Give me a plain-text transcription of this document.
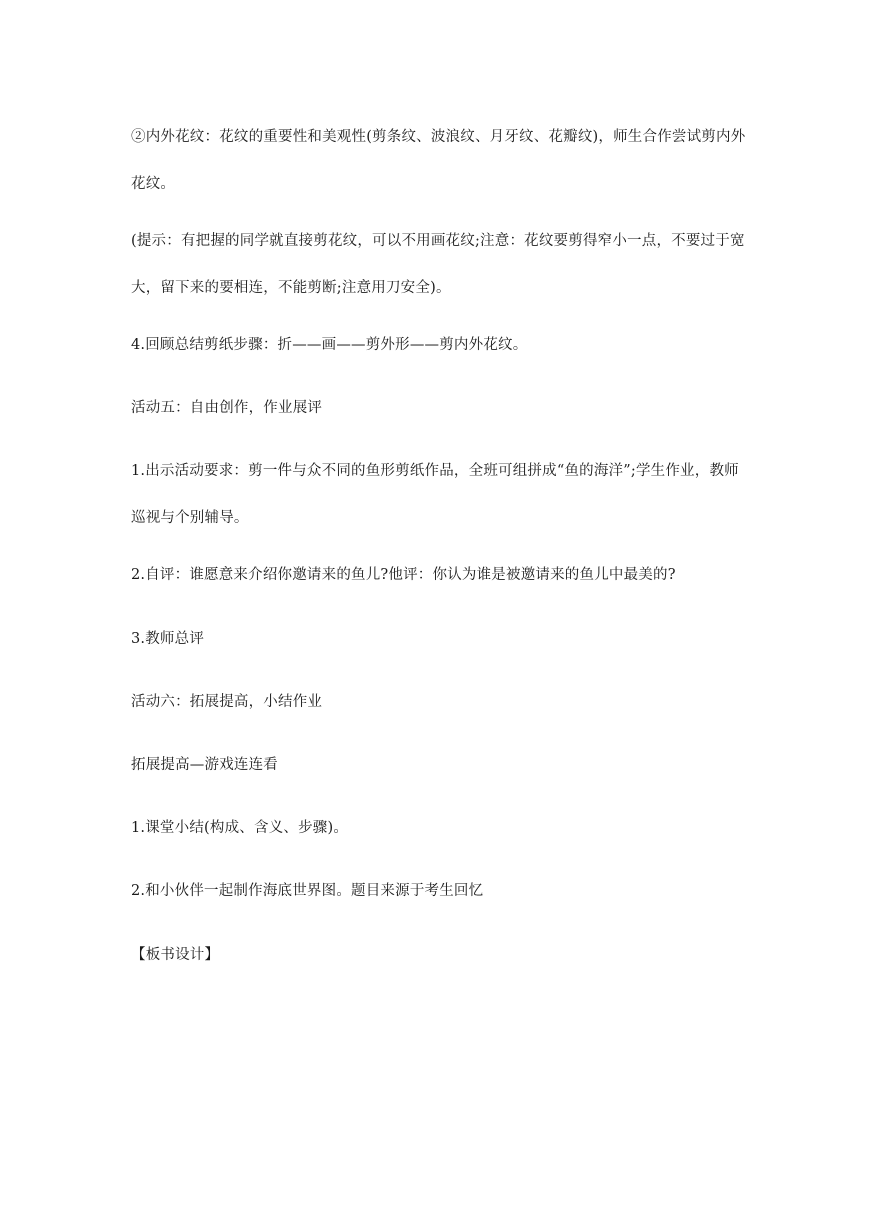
②内外花纹：花纹的重要性和美观性(剪条纹、波浪纹、月牙纹、花瓣纹)，师生合作尝试剪内外花纹。

(提示：有把握的同学就直接剪花纹，可以不用画花纹;注意：花纹要剪得窄小一点，不要过于宽大，留下来的要相连，不能剪断;注意用刀安全)。

4.回顾总结剪纸步骤：折——画——剪外形——剪内外花纹。

活动五：自由创作，作业展评

1.出示活动要求：剪一件与众不同的鱼形剪纸作品，全班可组拼成“鱼的海洋”;学生作业，教师巡视与个别辅导。

2.自评：谁愿意来介绍你邀请来的鱼儿?他评：你认为谁是被邀请来的鱼儿中最美的?

3.教师总评

活动六：拓展提高，小结作业

拓展提高—游戏连连看

1.课堂小结(构成、含义、步骤)。

2.和小伙伴一起制作海底世界图。题目来源于考生回忆

【板书设计】
